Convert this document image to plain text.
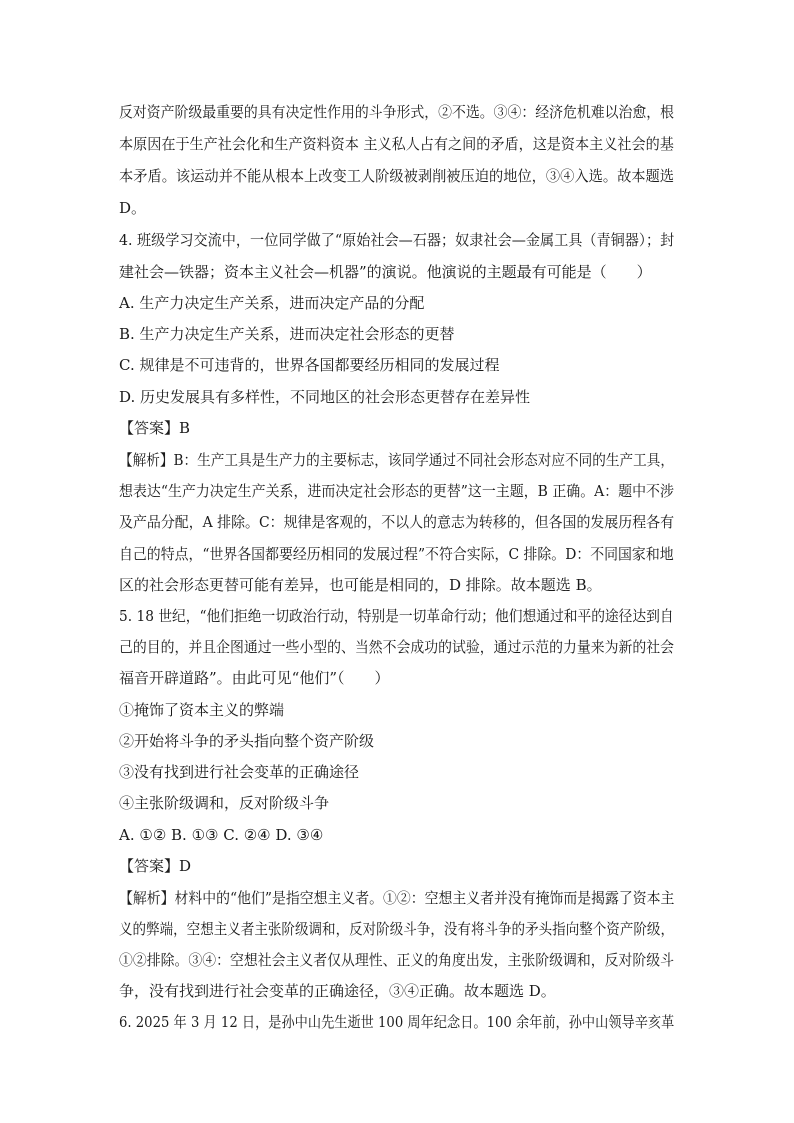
反对资产阶级最重要的具有决定性作用的斗争形式，②不选。③④：经济危机难以治愈，根
本原因在于生产社会化和生产资料资本 主义私人占有之间的矛盾，这是资本主义社会的基
本矛盾。该运动并不能从根本上改变工人阶级被剥削被压迫的地位，③④入选。故本题选
D。
4. 班级学习交流中，一位同学做了“原始社会—石器；奴隶社会—金属工具（青铜器）；封
建社会—铁器；资本主义社会—机器”的演说。他演说的主题最有可能是（　　）
A. 生产力决定生产关系，进而决定产品的分配
B. 生产力决定生产关系，进而决定社会形态的更替
C. 规律是不可违背的，世界各国都要经历相同的发展过程
D. 历史发展具有多样性，不同地区的社会形态更替存在差异性
【答案】B
【解析】B：生产工具是生产力的主要标志，该同学通过不同社会形态对应不同的生产工具，
想表达“生产力决定生产关系，进而决定社会形态的更替”这一主题，B 正确。A：题中不涉
及产品分配，A 排除。C：规律是客观的，不以人的意志为转移的，但各国的发展历程各有
自己的特点，“世界各国都要经历相同的发展过程”不符合实际，C 排除。D：不同国家和地
区的社会形态更替可能有差异，也可能是相同的，D 排除。故本题选 B。
5. 18 世纪，“他们拒绝一切政治行动，特别是一切革命行动；他们想通过和平的途径达到自
己的目的，并且企图通过一些小型的、当然不会成功的试验，通过示范的力量来为新的社会
福音开辟道路”。由此可见“他们”（　　）
①掩饰了资本主义的弊端
②开始将斗争的矛头指向整个资产阶级
③没有找到进行社会变革的正确途径
④主张阶级调和，反对阶级斗争
A. ①② B. ①③ C. ②④ D. ③④
【答案】D
【解析】材料中的“他们”是指空想主义者。①②：空想主义者并没有掩饰而是揭露了资本主
义的弊端，空想主义者主张阶级调和，反对阶级斗争，没有将斗争的矛头指向整个资产阶级，
①②排除。③④：空想社会主义者仅从理性、正义的角度出发，主张阶级调和，反对阶级斗
争，没有找到进行社会变革的正确途径，③④正确。故本题选 D。
6. 2025 年 3 月 12 日，是孙中山先生逝世 100 周年纪念日。100 余年前，孙中山领导辛亥革
